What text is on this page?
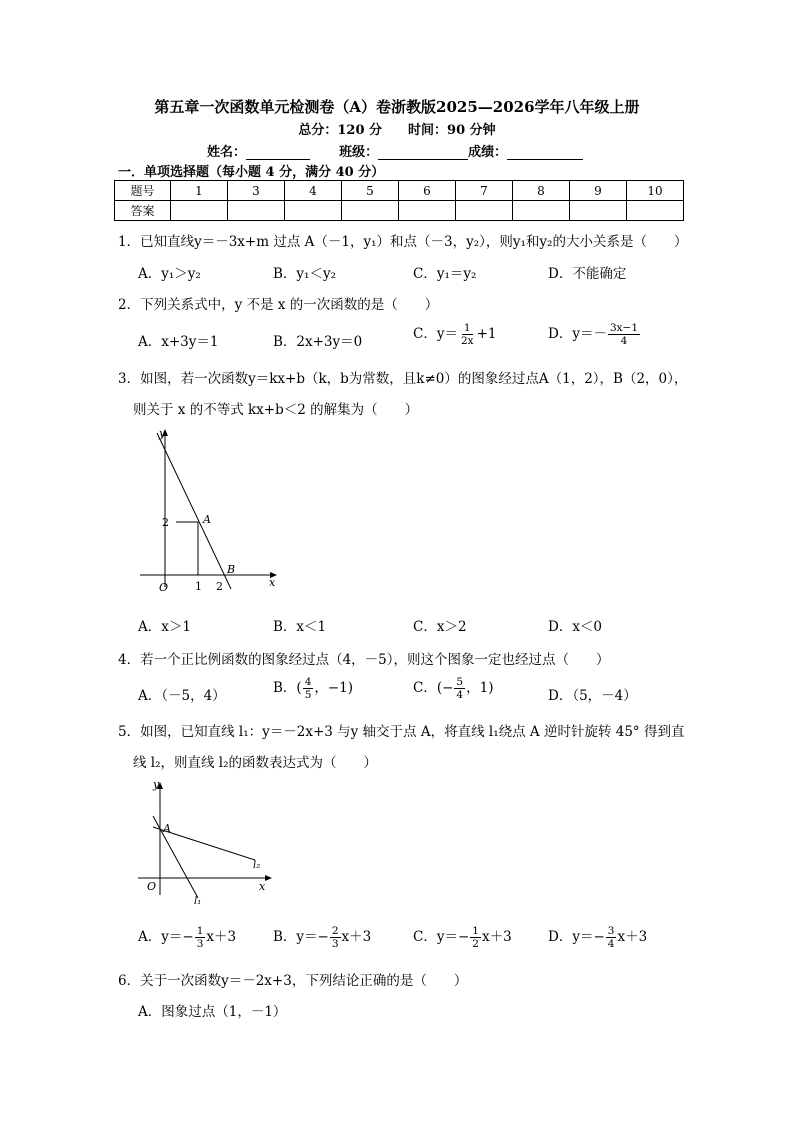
第五章一次函数单元检测卷（A）卷浙教版2025—2026学年八年级上册
总分：120 分　　时间：90 分钟
姓名：	班级：	成绩：
一．单项选择题（每小题 4 分，满分 40 分）
题号	1	3	4	5	6	7	8	9	10
答案									
1．已知直线y＝－3x+m 过点 A（－1，y₁）和点（－3，y₂），则y₁和y₂的大小关系是（　　）
A．y₁＞y₂	B．y₁＜y₂	C．y₁＝y₂	D．不能确定
2．下列关系式中，y 不是 x 的一次函数的是（　　）
A．x+3y＝1	B．2x+3y＝0	C．$y= \frac{1}{2x} +1$	D．$y=- \frac{3x-1}{4}$
3．如图，若一次函数y＝kx+b（k，b为常数，且k≠0）的图象经过点A（1，2），B（2，0），
则关于 x 的不等式 kx+b＜2 的解集为（　　）
y
x
O
A
B
2
1 2
A．x＞1	B．x＜1	C．x＞2	D．x＜0
4．若一个正比例函数的图象经过点（4，－5），则这个图象一定也经过点（　　）
A．（－5，4）	B．( $\frac{4}{5}$ ，−1)	C．(− $\frac{5}{4}$ ，1)	D．（5，－4）
5．如图，已知直线 l₁：y＝－2x+3 与y 轴交于点 A，将直线 l₁绕点 A 逆时针旋转 45° 得到直
线 l₂，则直线 l₂的函数表达式为（　　）
y
x
O
A
l₁
l₂
A．$y=- \frac{1}{3} x+3$	B．$y=- \frac{2}{3} x+3$	C．$y=- \frac{1}{2} x+3$	D．$y=- \frac{3}{4} x+3$
6．关于一次函数y＝－2x+3，下列结论正确的是（　　）
A．图象过点（1，－1）
